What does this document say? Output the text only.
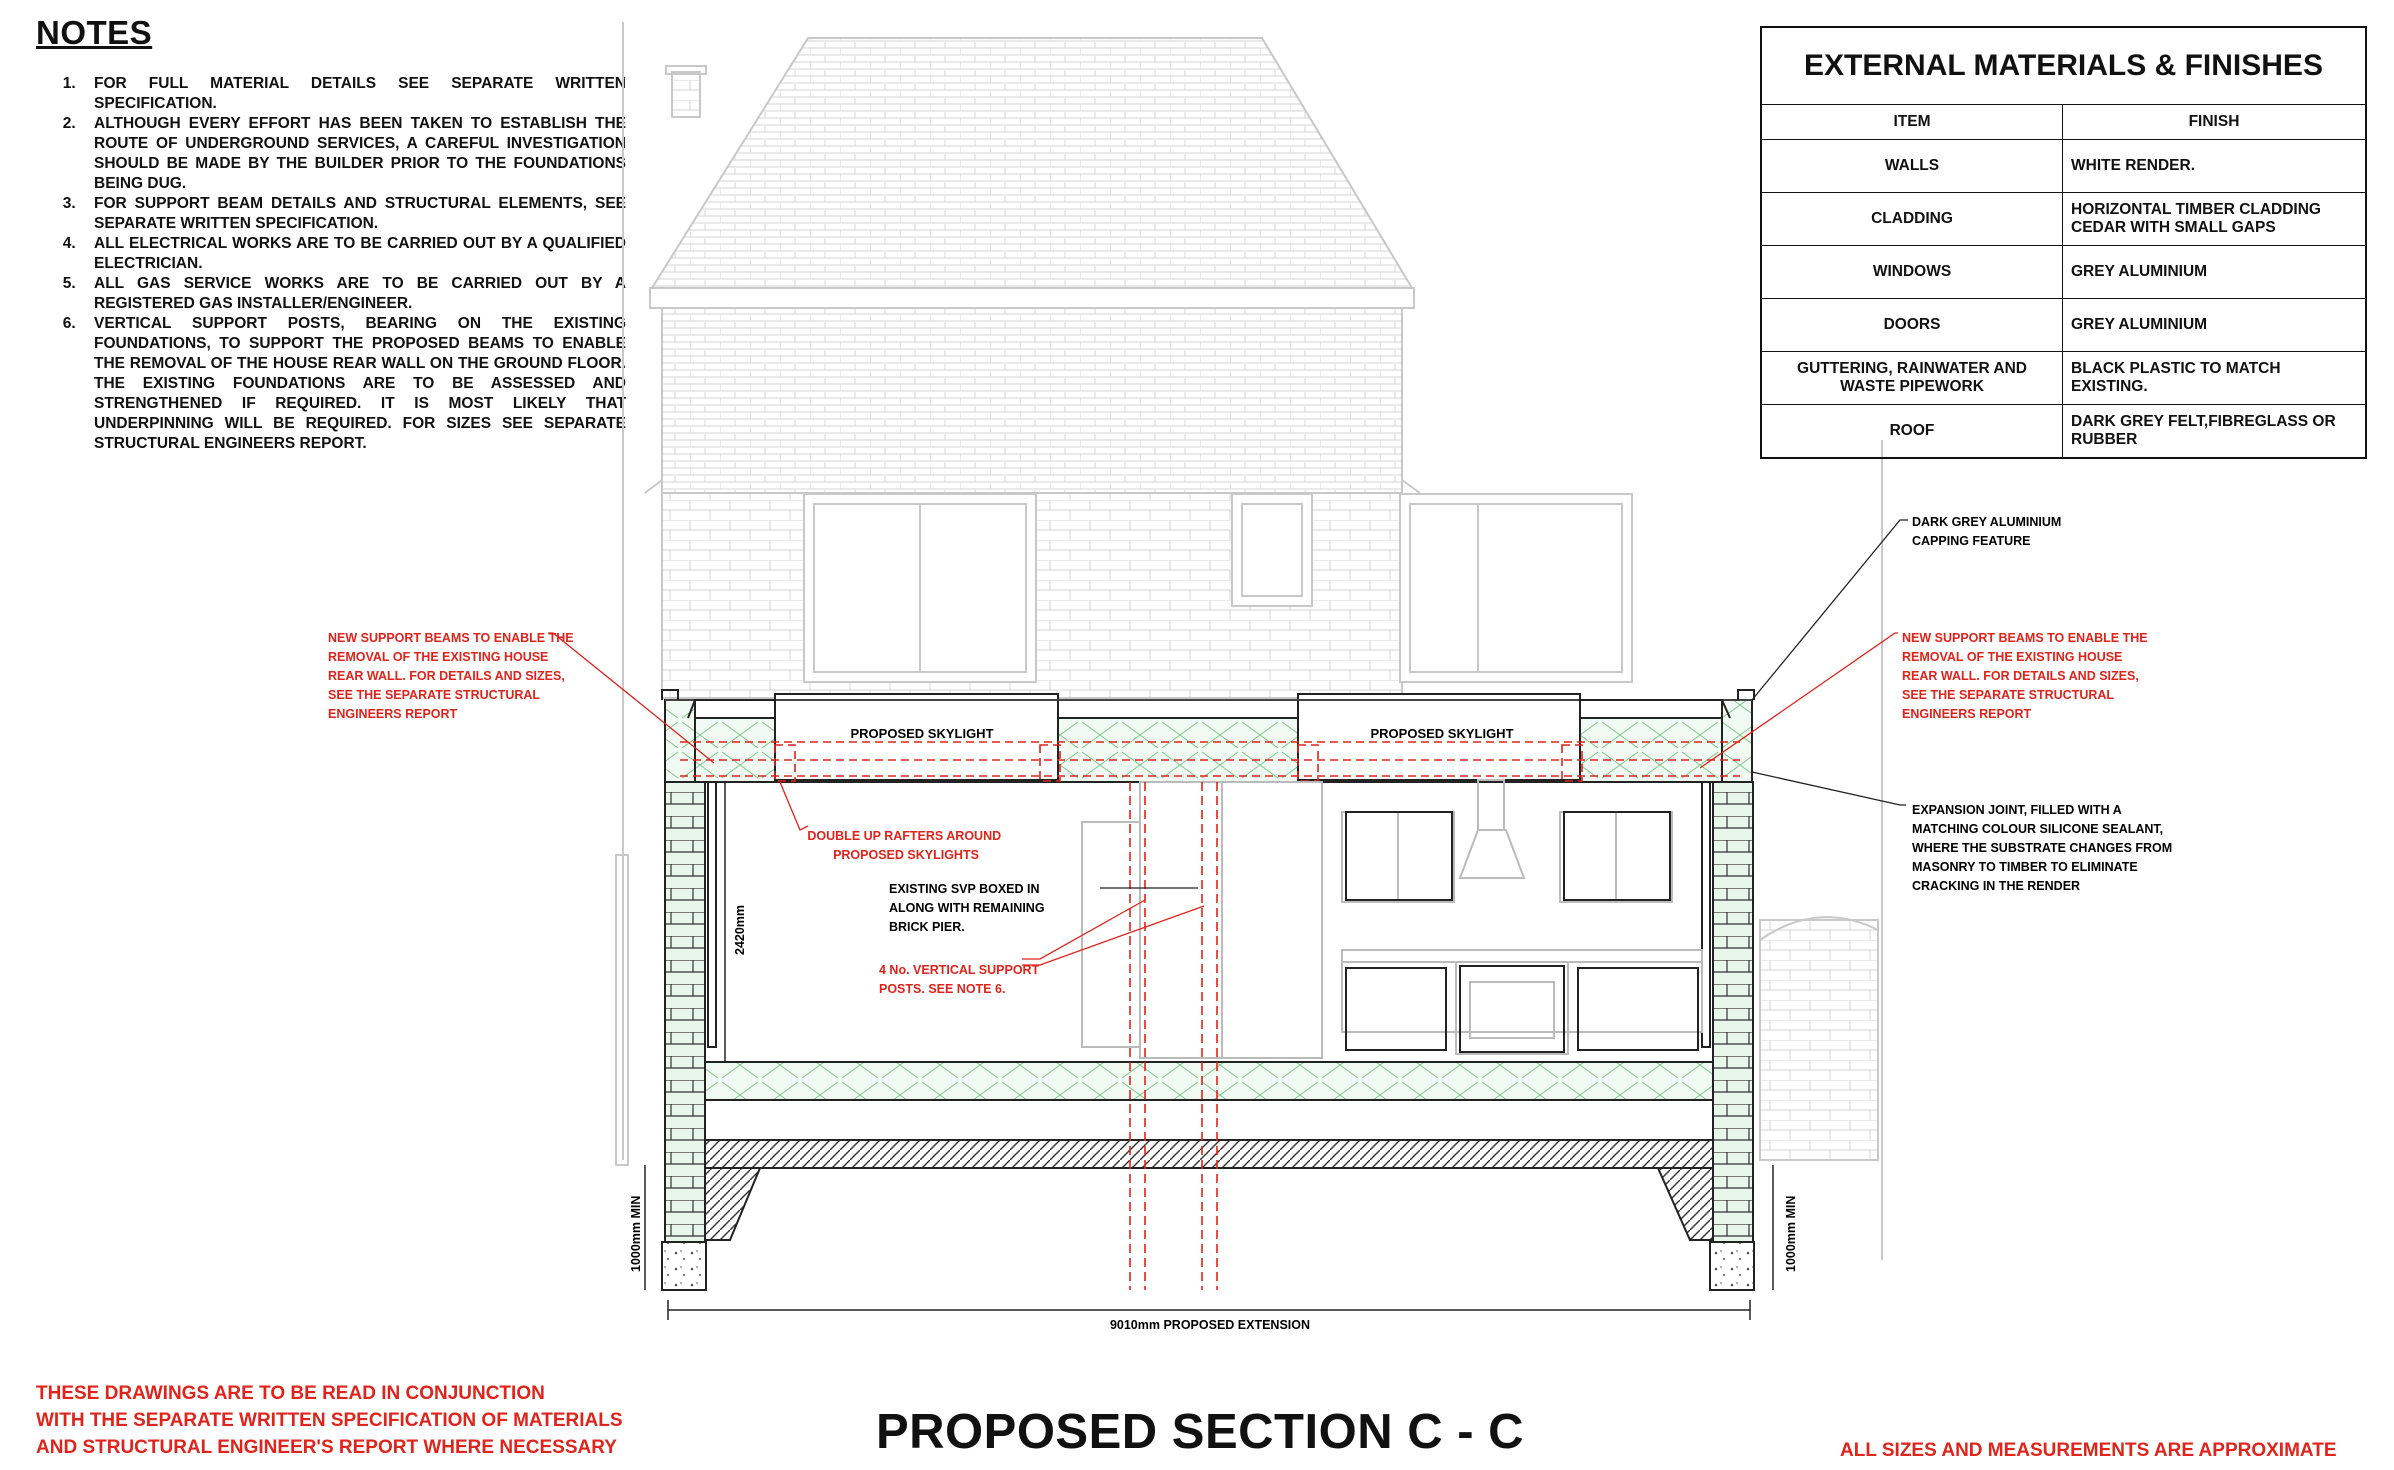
NOTES
1. FOR FULL MATERIAL DETAILS SEE SEPARATE WRITTEN SPECIFICATION.
2. ALTHOUGH EVERY EFFORT HAS BEEN TAKEN TO ESTABLISH THE ROUTE OF UNDERGROUND SERVICES, A CAREFUL INVESTIGATION SHOULD BE MADE BY THE BUILDER PRIOR TO THE FOUNDATIONS BEING DUG.
3. FOR SUPPORT BEAM DETAILS AND STRUCTURAL ELEMENTS, SEE SEPARATE WRITTEN SPECIFICATION.
4. ALL ELECTRICAL WORKS ARE TO BE CARRIED OUT BY A QUALIFIED ELECTRICIAN.
5. ALL GAS SERVICE WORKS ARE TO BE CARRIED OUT BY A REGISTERED GAS INSTALLER/ENGINEER.
6. VERTICAL SUPPORT POSTS, BEARING ON THE EXISTING FOUNDATIONS, TO SUPPORT THE PROPOSED BEAMS TO ENABLE THE REMOVAL OF THE HOUSE REAR WALL ON THE GROUND FLOOR. THE EXISTING FOUNDATIONS ARE TO BE ASSESSED AND STRENGTHENED IF REQUIRED. IT IS MOST LIKELY THAT UNDERPINNING WILL BE REQUIRED. FOR SIZES SEE SEPARATE STRUCTURAL ENGINEERS REPORT.
NEW SUPPORT BEAMS TO ENABLE THE REMOVAL OF THE EXISTING HOUSE REAR WALL. FOR DETAILS AND SIZES, SEE THE SEPARATE STRUCTURAL ENGINEERS REPORT
NEW SUPPORT BEAMS TO ENABLE THE REMOVAL OF THE EXISTING HOUSE REAR WALL. FOR DETAILS AND SIZES, SEE THE SEPARATE STRUCTURAL ENGINEERS REPORT
PROPOSED SKYLIGHT	PROPOSED SKYLIGHT
DARK GREY ALUMINIUM CAPPING FEATURE
DOUBLE UP RAFTERS AROUND PROPOSED SKYLIGHTS
EXISTING SVP BOXED IN ALONG WITH REMAINING BRICK PIER.
4 No. VERTICAL SUPPORT POSTS. SEE NOTE 6.
EXPANSION JOINT, FILLED WITH A MATCHING COLOUR SILICONE SEALANT, WHERE THE SUBSTRATE CHANGES FROM MASONRY TO TIMBER TO ELIMINATE CRACKING IN THE RENDER
2420mm
1000mm MIN	1000mm MIN
9010mm PROPOSED EXTENSION
EXTERNAL MATERIALS & FINISHES	
ITEM	FINISH
WALLS	WHITE RENDER.
CLADDING	HORIZONTAL TIMBER CLADDING CEDAR WITH SMALL GAPS
WINDOWS	GREY ALUMINIUM
DOORS	GREY ALUMINIUM
GUTTERING, RAINWATER AND WASTE PIPEWORK	BLACK PLASTIC TO MATCH EXISTING.
ROOF	DARK GREY FELT,FIBREGLASS OR RUBBER
THESE DRAWINGS ARE TO BE READ IN CONJUNCTION
WITH THE SEPARATE WRITTEN SPECIFICATION OF MATERIALS
AND STRUCTURAL ENGINEER'S REPORT WHERE NECESSARY	PROPOSED SECTION C - C	ALL SIZES AND MEASUREMENTS ARE APPROXIMATE
